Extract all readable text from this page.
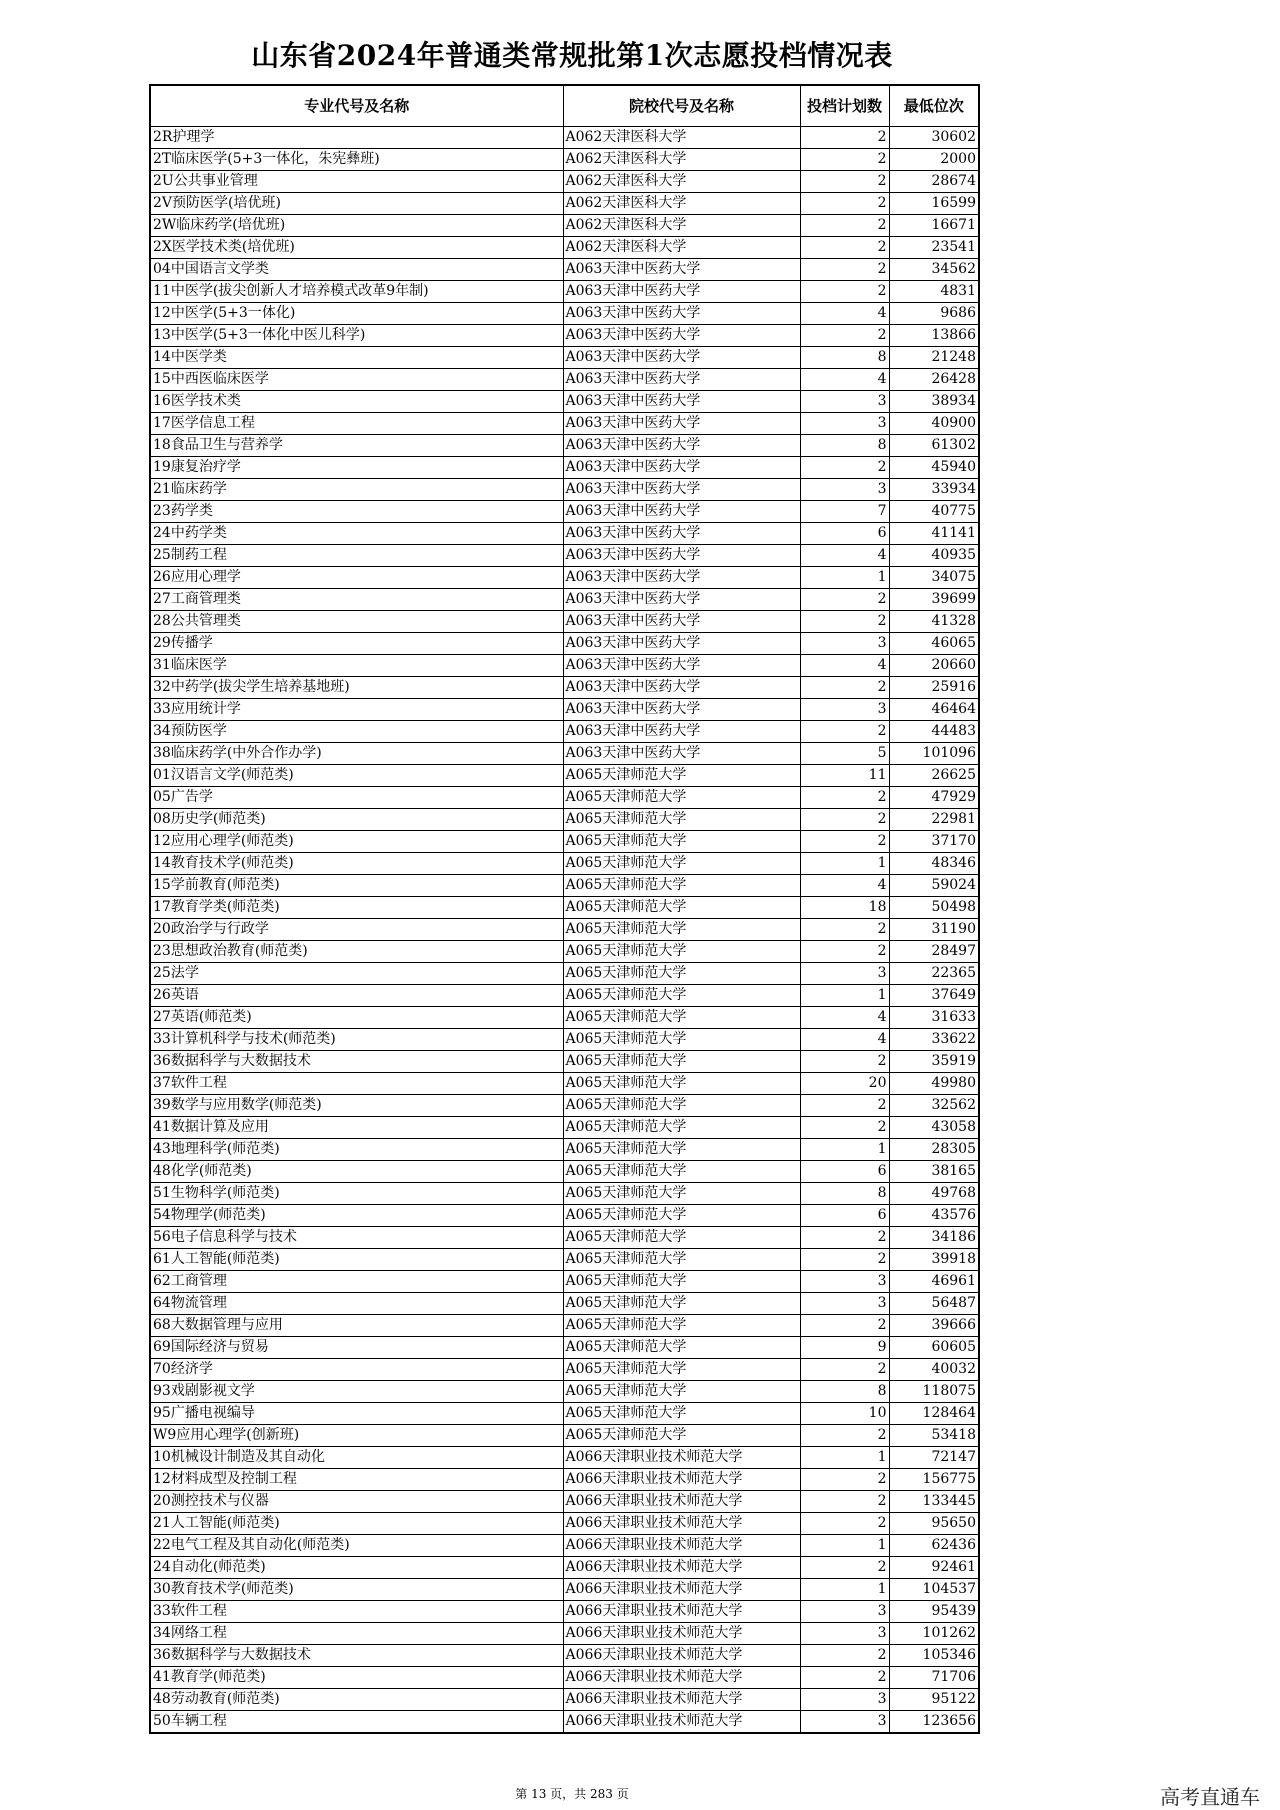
山东省2024年普通类常规批第1次志愿投档情况表
专业代号及名称	院校代号及名称	投档计划数	最低位次
2R护理学	A062天津医科大学	2	30602
2T临床医学(5+3一体化，朱宪彝班)	A062天津医科大学	2	2000
2U公共事业管理	A062天津医科大学	2	28674
2V预防医学(培优班)	A062天津医科大学	2	16599
2W临床药学(培优班)	A062天津医科大学	2	16671
2X医学技术类(培优班)	A062天津医科大学	2	23541
04中国语言文学类	A063天津中医药大学	2	34562
11中医学(拔尖创新人才培养模式改革9年制)	A063天津中医药大学	2	4831
12中医学(5+3一体化)	A063天津中医药大学	4	9686
13中医学(5+3一体化中医儿科学)	A063天津中医药大学	2	13866
14中医学类	A063天津中医药大学	8	21248
15中西医临床医学	A063天津中医药大学	4	26428
16医学技术类	A063天津中医药大学	3	38934
17医学信息工程	A063天津中医药大学	3	40900
18食品卫生与营养学	A063天津中医药大学	8	61302
19康复治疗学	A063天津中医药大学	2	45940
21临床药学	A063天津中医药大学	3	33934
23药学类	A063天津中医药大学	7	40775
24中药学类	A063天津中医药大学	6	41141
25制药工程	A063天津中医药大学	4	40935
26应用心理学	A063天津中医药大学	1	34075
27工商管理类	A063天津中医药大学	2	39699
28公共管理类	A063天津中医药大学	2	41328
29传播学	A063天津中医药大学	3	46065
31临床医学	A063天津中医药大学	4	20660
32中药学(拔尖学生培养基地班)	A063天津中医药大学	2	25916
33应用统计学	A063天津中医药大学	3	46464
34预防医学	A063天津中医药大学	2	44483
38临床药学(中外合作办学)	A063天津中医药大学	5	101096
01汉语言文学(师范类)	A065天津师范大学	11	26625
05广告学	A065天津师范大学	2	47929
08历史学(师范类)	A065天津师范大学	2	22981
12应用心理学(师范类)	A065天津师范大学	2	37170
14教育技术学(师范类)	A065天津师范大学	1	48346
15学前教育(师范类)	A065天津师范大学	4	59024
17教育学类(师范类)	A065天津师范大学	18	50498
20政治学与行政学	A065天津师范大学	2	31190
23思想政治教育(师范类)	A065天津师范大学	2	28497
25法学	A065天津师范大学	3	22365
26英语	A065天津师范大学	1	37649
27英语(师范类)	A065天津师范大学	4	31633
33计算机科学与技术(师范类)	A065天津师范大学	4	33622
36数据科学与大数据技术	A065天津师范大学	2	35919
37软件工程	A065天津师范大学	20	49980
39数学与应用数学(师范类)	A065天津师范大学	2	32562
41数据计算及应用	A065天津师范大学	2	43058
43地理科学(师范类)	A065天津师范大学	1	28305
48化学(师范类)	A065天津师范大学	6	38165
51生物科学(师范类)	A065天津师范大学	8	49768
54物理学(师范类)	A065天津师范大学	6	43576
56电子信息科学与技术	A065天津师范大学	2	34186
61人工智能(师范类)	A065天津师范大学	2	39918
62工商管理	A065天津师范大学	3	46961
64物流管理	A065天津师范大学	3	56487
68大数据管理与应用	A065天津师范大学	2	39666
69国际经济与贸易	A065天津师范大学	9	60605
70经济学	A065天津师范大学	2	40032
93戏剧影视文学	A065天津师范大学	8	118075
95广播电视编导	A065天津师范大学	10	128464
W9应用心理学(创新班)	A065天津师范大学	2	53418
10机械设计制造及其自动化	A066天津职业技术师范大学	1	72147
12材料成型及控制工程	A066天津职业技术师范大学	2	156775
20测控技术与仪器	A066天津职业技术师范大学	2	133445
21人工智能(师范类)	A066天津职业技术师范大学	2	95650
22电气工程及其自动化(师范类)	A066天津职业技术师范大学	1	62436
24自动化(师范类)	A066天津职业技术师范大学	2	92461
30教育技术学(师范类)	A066天津职业技术师范大学	1	104537
33软件工程	A066天津职业技术师范大学	3	95439
34网络工程	A066天津职业技术师范大学	3	101262
36数据科学与大数据技术	A066天津职业技术师范大学	2	105346
41教育学(师范类)	A066天津职业技术师范大学	2	71706
48劳动教育(师范类)	A066天津职业技术师范大学	3	95122
50车辆工程	A066天津职业技术师范大学	3	123656
第 13 页，共 283 页	高考直通车
